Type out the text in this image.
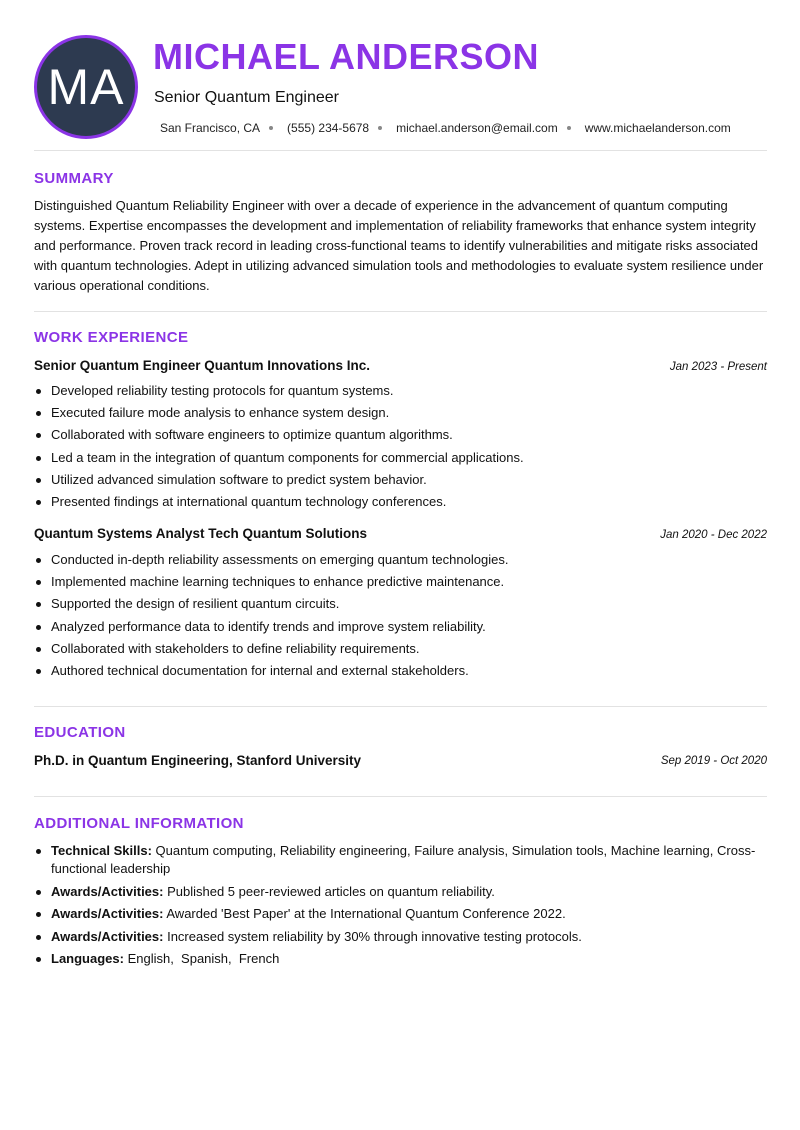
MA
MICHAEL ANDERSON
Senior Quantum Engineer
San Francisco, CA (555) 234-5678 michael.anderson@email.com www.michaelanderson.com
SUMMARY
Distinguished Quantum Reliability Engineer with over a decade of experience in the advancement of quantum computing systems. Expertise encompasses the development and implementation of reliability frameworks that enhance system integrity and performance. Proven track record in leading cross-functional teams to identify vulnerabilities and mitigate risks associated with quantum technologies. Adept in utilizing advanced simulation tools and methodologies to evaluate system resilience under various operational conditions.
WORK EXPERIENCE
Senior Quantum Engineer Quantum Innovations Inc.	Jan 2023 - Present
Developed reliability testing protocols for quantum systems.
Executed failure mode analysis to enhance system design.
Collaborated with software engineers to optimize quantum algorithms.
Led a team in the integration of quantum components for commercial applications.
Utilized advanced simulation software to predict system behavior.
Presented findings at international quantum technology conferences.
Quantum Systems Analyst Tech Quantum Solutions	Jan 2020 - Dec 2022
Conducted in-depth reliability assessments on emerging quantum technologies.
Implemented machine learning techniques to enhance predictive maintenance.
Supported the design of resilient quantum circuits.
Analyzed performance data to identify trends and improve system reliability.
Collaborated with stakeholders to define reliability requirements.
Authored technical documentation for internal and external stakeholders.
EDUCATION
Ph.D. in Quantum Engineering, Stanford University	Sep 2019 - Oct 2020
ADDITIONAL INFORMATION
Technical Skills: Quantum computing, Reliability engineering, Failure analysis, Simulation tools, Machine learning, Cross-functional leadership
Awards/Activities: Published 5 peer-reviewed articles on quantum reliability.
Awards/Activities: Awarded 'Best Paper' at the International Quantum Conference 2022.
Awards/Activities: Increased system reliability by 30% through innovative testing protocols.
Languages: English,  Spanish,  French
